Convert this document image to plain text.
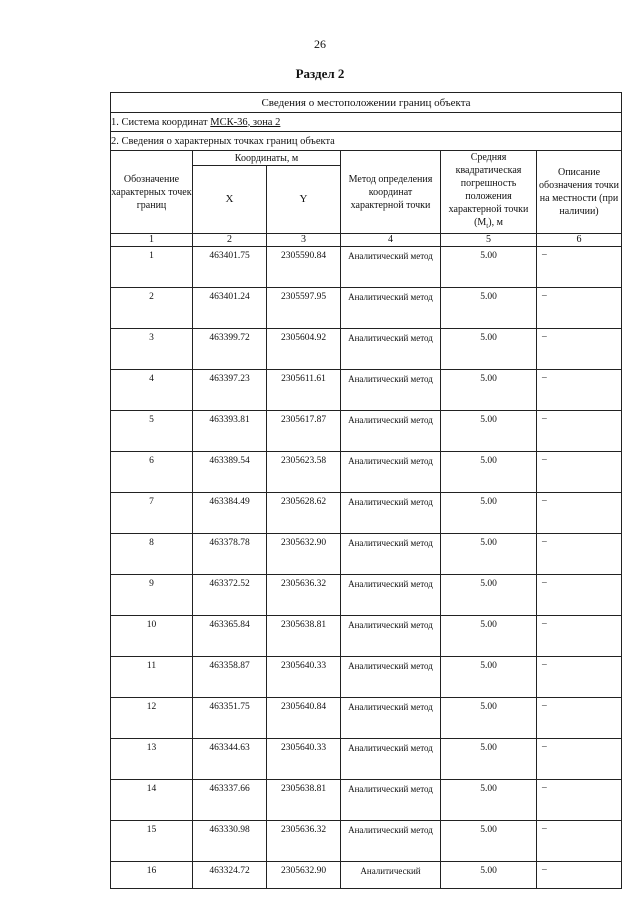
26
Раздел 2
Сведения о местоположении границ объекта					
1. Система координат МСК-36, зона 2					
2. Сведения о характерных точках границ объекта					
Обозначение характерных точек границ	Координаты, м		Метод определения координат характерной точки	Средняя квадратическая погрешность положения характерной точки $(M_t)$, м	Описание обозначения точки на местности (при наличии)
	X	Y			
1	2	3	4	5	6
1	463401.75	2305590.84	Аналитический метод	5.00	–
2	463401.24	2305597.95	Аналитический метод	5.00	–
3	463399.72	2305604.92	Аналитический метод	5.00	–
4	463397.23	2305611.61	Аналитический метод	5.00	–
5	463393.81	2305617.87	Аналитический метод	5.00	–
6	463389.54	2305623.58	Аналитический метод	5.00	–
7	463384.49	2305628.62	Аналитический метод	5.00	–
8	463378.78	2305632.90	Аналитический метод	5.00	–
9	463372.52	2305636.32	Аналитический метод	5.00	–
10	463365.84	2305638.81	Аналитический метод	5.00	–
11	463358.87	2305640.33	Аналитический метод	5.00	–
12	463351.75	2305640.84	Аналитический метод	5.00	–
13	463344.63	2305640.33	Аналитический метод	5.00	–
14	463337.66	2305638.81	Аналитический метод	5.00	–
15	463330.98	2305636.32	Аналитический метод	5.00	–
16	463324.72	2305632.90	Аналитический	5.00	–
